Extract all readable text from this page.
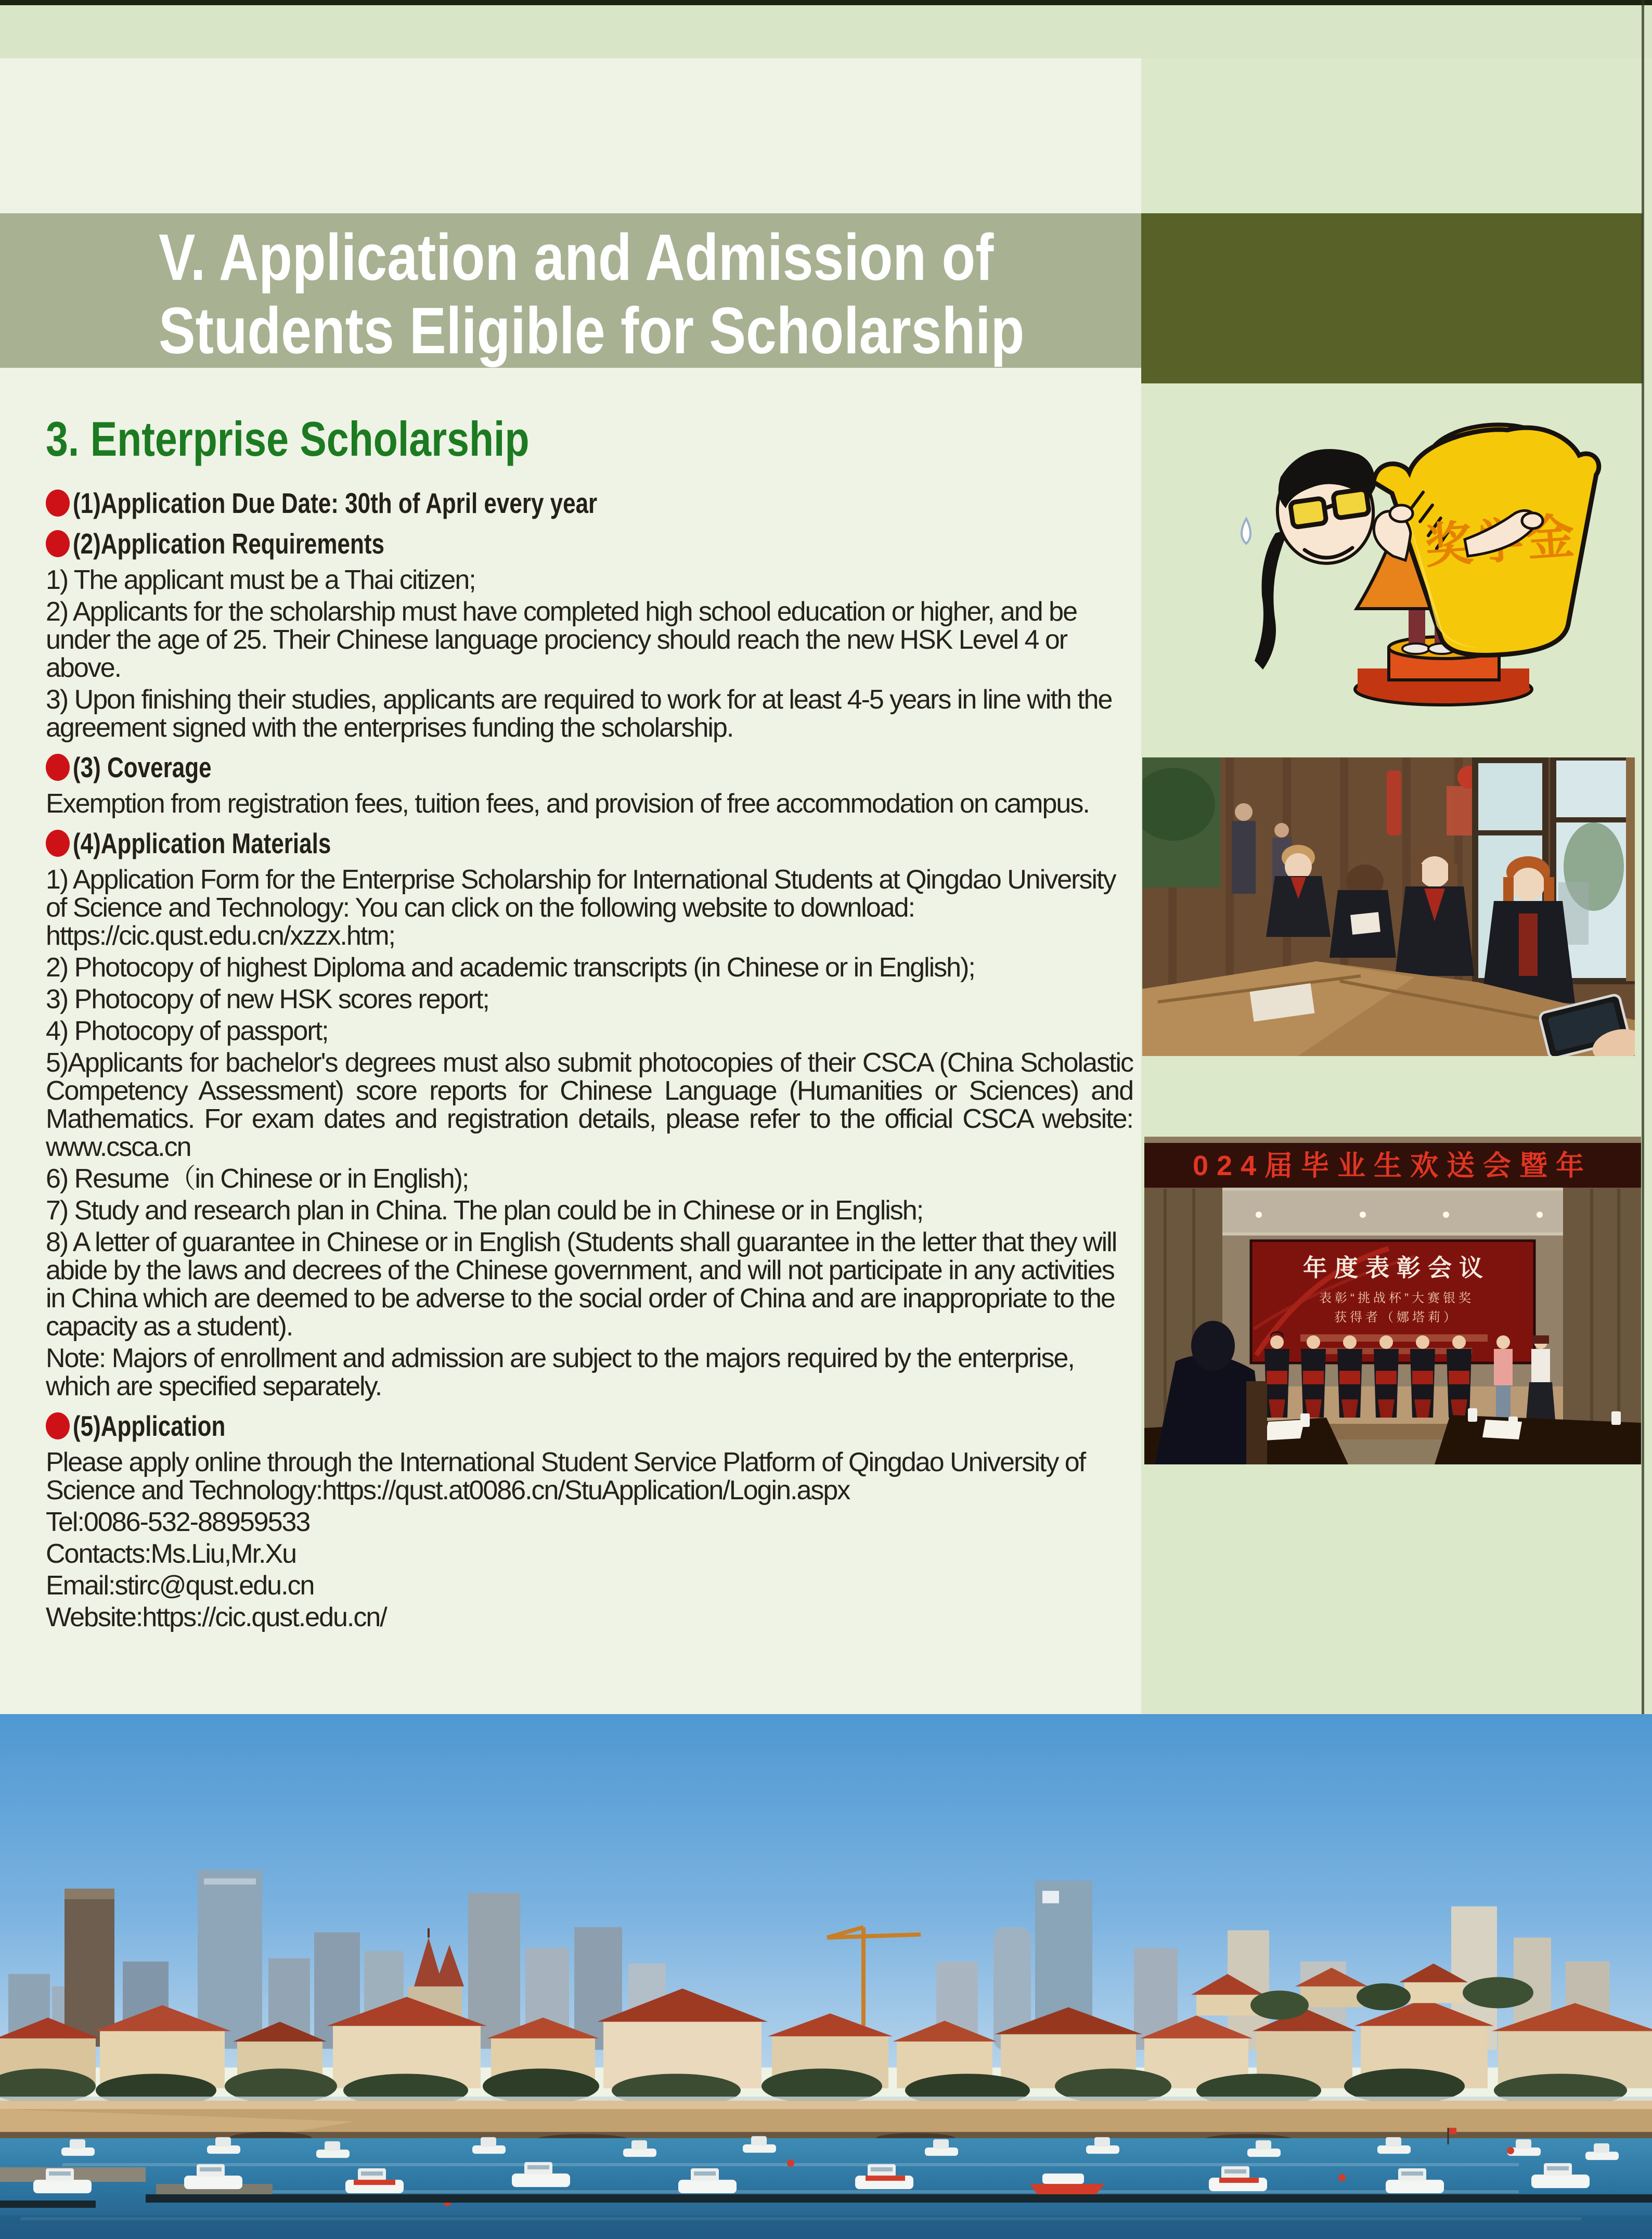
V. Application and Admission of
Students Eligible for Scholarship
3. Enterprise Scholarship
(1)Application Due Date: 30th of April every year
(2)Application Requirements
1) The applicant must be a Thai citizen;
2) Applicants for the scholarship must have completed high school education or higher, and be under the age of 25. Their Chinese language prociency should reach the new HSK Level 4 or above.
3) Upon finishing their studies, applicants are required to work for at least 4-5 years in line with the agreement signed with the enterprises funding the scholarship.
(3) Coverage
Exemption from registration fees, tuition fees, and provision of free accommodation on campus.
(4)Application Materials
1) Application Form for the Enterprise Scholarship for International Students at Qingdao University of Science and Technology: You can click on the following website to download: https://cic.qust.edu.cn/xzzx.htm;
2) Photocopy of highest Diploma and academic transcripts (in Chinese or in English);
3) Photocopy of new HSK scores report;
4) Photocopy of passport;
5)Applicants for bachelor's degrees must also submit photocopies of their CSCA (China Scholastic Competency Assessment) score reports for Chinese Language (Humanities or Sciences) and Mathematics. For exam dates and registration details, please refer to the official CSCA website: www.csca.cn
6) Resume（in Chinese or in English);
7) Study and research plan in China. The plan could be in Chinese or in English;
8) A letter of guarantee in Chinese or in English (Students shall guarantee in the letter that they will abide by the laws and decrees of the Chinese government, and will not participate in any activities in China which are deemed to be adverse to the social order of China and are inappropriate to the capacity as a student).
Note: Majors of enrollment and admission are subject to the majors required by the enterprise, which are specified separately.
(5)Application
Please apply online through the International Student Service Platform of Qingdao University of Science and Technology:https://qust.at0086.cn/StuApplication/Login.aspx
Tel:0086-532-88959533
Contacts:Ms.Liu,Mr.Xu
Email:stirc@qust.edu.cn
Website:https://cic.qust.edu.cn/
024届毕业生欢送会暨年
年度表彰会议
表彰“挑战杯”大赛银奖
获得者（娜塔莉）
